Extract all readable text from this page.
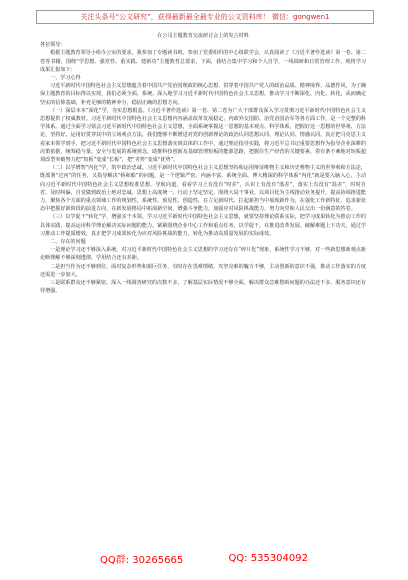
关注头条号“公文研究”，获得最新最全最专业的公文资料库！ 微信：gongwen1

在公司主题教育交流研讨会上的发言材料

各位领导：

根据主题教育领导小组办公室的要求，我参加了专题读书班。参加了党委组织的中心组联学会，认真阅读了《习近平著作选读》第一卷、第二卷等书籍，围绕“学思想、强党性、重实践、建新功”主题教育总要求，下面，我结合集中学习和个人自学，一线调研和日常管理工作，现将学习成果汇报如下：

一、学习心得

习近平新时代中国特色社会主义思想蕴含着中国共产党治国理政的核心思想，贯穿着中国共产党人的政治品质、精神境界、品德作风，为了确保主题教育的目标得以实现，我们必须全面、系统、深入地学习习近平新时代中国特色社会主义思想，推动学习不断深化、内化、转化，从而确定坚实的信仰基础，补充足够的精神养分，稳固正确的思想方向。

（一）深层本本“深化”学，夯实思想根基。《习近平著作选读》第一卷、第二卷为广大干部群众深入学习贯彻习近平新时代中国特色社会主义思想提供了权威教材。习近平新时代中国特色社会主义思想内容涵盖改革发展稳定、内政外交国防、治党治国治军等各方面工作，是一个完整的科学体系。通过全面学习领会习近平新时代中国特色社会主义思想，全面系统掌握这一思想的基本观点、科学体系，把握好这一思想的世界观、方法论，坚持好、运用好贯穿其中的立场观点方法，我们能够不断增进对党的创新理论的政治认同思想认同、理论认同、情感认同，真正把马克思主义看家本领学到手，把习近平新时代中国特色社会主义思想落实到具体的工作中，通过理论指导实践，将习近平总书记重要思想作为指导企业深耕的决策依据，统筹稳与量、安全与发展的系统观念，助推科技创新及基础管理短板的能源思路，把握住生产经营的关键要素，着有条不紊地对短板超项改型突破努力把“短板”变成“长板”，把“劣势”变成“优势”。

（二）以学增智“内化”学，筑牢政治忠诚。习近平新时代中国特色社会主义思想坚持和运用辩证唯物主义和历史唯物主义的世界观和方法论，既部署“过河”的任务，又指导解决“桥和船”的问题，是一个逻辑严密、内涵丰富、系统全面、博大精深的科学体系“内化”就是要入脑入心，主动向习近平新时代中国特色社会主义思想校准思想、导航向道，看看学习上有没有“时差”，认识上有没有“落差”，落实上有没有“温差”，时时自省、及时纠偏，自觉做到政治上绝对忠诚、思想上高度统一、行动上坚定坚定。围绕大局干事业，以项目化为主线推动业务提升，提高协调推进能力，聚焦各个方面的重点领域工作的规划性、系统性、预见性、创造性，在立足新时代、扛起新担当中展现新作为，在强化工作新特征、追求新状态中把握好新阶段的前进方向，在新发展格局中拓展新空间，增强斗争能力，加强应对风险挑战能力，努力向党和人民交出一份满意的答卷。

（三）以学促干“转化”学，增强实干本领。学习习近平新时代中国特色社会主义思想，就要坚持理论联系实际，把学习成果转化为推动工作的具体实践，提高运用科学理论解决实际问题的能力。紧紧围绕企业中心工作和重点任务，以学促干，在推进改革发展、破解难题上下功夫，通过学习推动工作提质增效，真正把学习成果转化为应对风险挑战的能力，转化为推动高质量发展的实际成效。

二、存在的问题

一是理论学习还不够深入系统。对习近平新时代中国特色社会主义思想的学习还存在“碎片化”现象，系统性学习不够，对一些新思想新观点新论断理解不够深刻透彻，学用结合还有差距。

二是担当作为还不够到位。面对复杂形势和艰巨任务，有时存在畏难情绪，攻坚克难的魄力不够，主动创新的意识不强，推动工作落实的力度还需进一步加大。

三是联系群众还不够紧密。深入一线调查研究的次数不多，了解基层实际情况不够全面，解决群众急难愁盼问题的办法还不多，服务意识还有待增强。

QQ群: 30265665	QQ: 535304092
